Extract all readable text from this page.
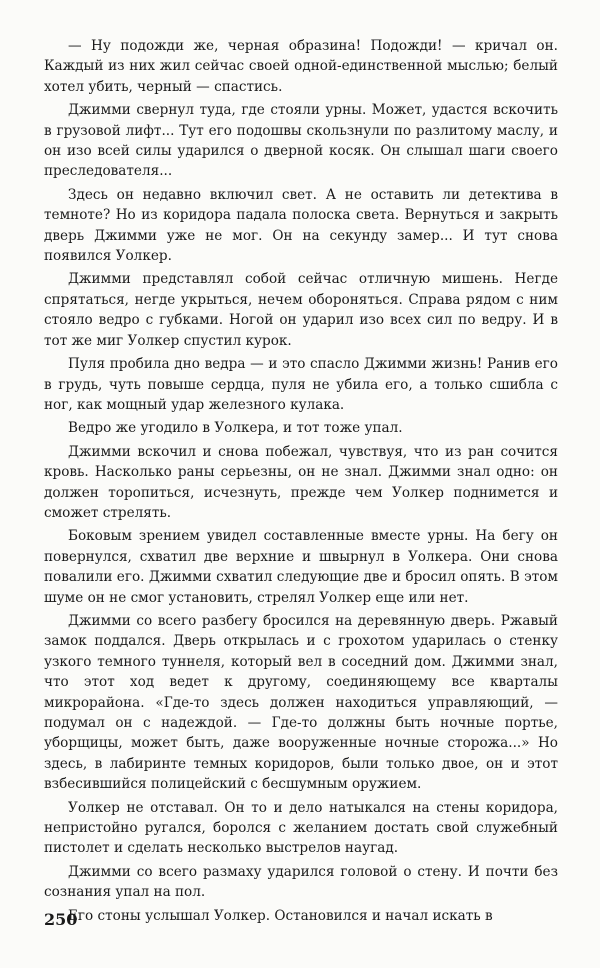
— Ну подожди же, черная образина! Подожди! — кричал он. Каждый из них жил сейчас своей одной-единственной мыслью; белый хотел убить, черный — спастись.

Джимми свернул туда, где стояли урны. Может, удастся вскочить в грузовой лифт... Тут его подошвы скользнули по разлитому маслу, и он изо всей силы ударился о дверной косяк. Он слышал шаги своего преследователя...

Здесь он недавно включил свет. А не оставить ли детектива в темноте? Но из коридора падала полоска света. Вернуться и закрыть дверь Джимми уже не мог. Он на секунду замер... И тут снова появился Уолкер.

Джимми представлял собой сейчас отличную мишень. Негде спрятаться, негде укрыться, нечем обороняться. Справа рядом с ним стояло ведро с губками. Ногой он ударил изо всех сил по ведру. И в тот же миг Уолкер спустил курок.

Пуля пробила дно ведра — и это спасло Джимми жизнь! Ранив его в грудь, чуть повыше сердца, пуля не убила его, а только сшибла с ног, как мощный удар железного кулака.

Ведро же угодило в Уолкера, и тот тоже упал.

Джимми вскочил и снова побежал, чувствуя, что из ран сочится кровь. Насколько раны серьезны, он не знал. Джимми знал одно: он должен торопиться, исчезнуть, прежде чем Уолкер поднимется и сможет стрелять.

Боковым зрением увидел составленные вместе урны. На бегу он повернулся, схватил две верхние и швырнул в Уолкера. Они снова повалили его. Джимми схватил следующие две и бросил опять. В этом шуме он не смог установить, стрелял Уолкер еще или нет.

Джимми со всего разбегу бросился на деревянную дверь. Ржавый замок поддался. Дверь открылась и с грохотом ударилась о стенку узкого темного туннеля, который вел в соседний дом. Джимми знал, что этот ход ведет к другому, соединяющему все кварталы микрорайона. «Где-то здесь должен находиться управляющий, — подумал он с надеждой. — Где-то должны быть ночные портье, уборщицы, может быть, даже вооруженные ночные сторожа...» Но здесь, в лабиринте темных коридоров, были только двое, он и этот взбесившийся полицейский с бесшумным оружием.

Уолкер не отставал. Он то и дело натыкался на стены коридора, непристойно ругался, боролся с желанием достать свой служебный пистолет и сделать несколько выстрелов наугад.

Джимми со всего размаху ударился головой о стену. И почти без сознания упал на пол.

Его стоны услышал Уолкер. Остановился и начал искать в

250
